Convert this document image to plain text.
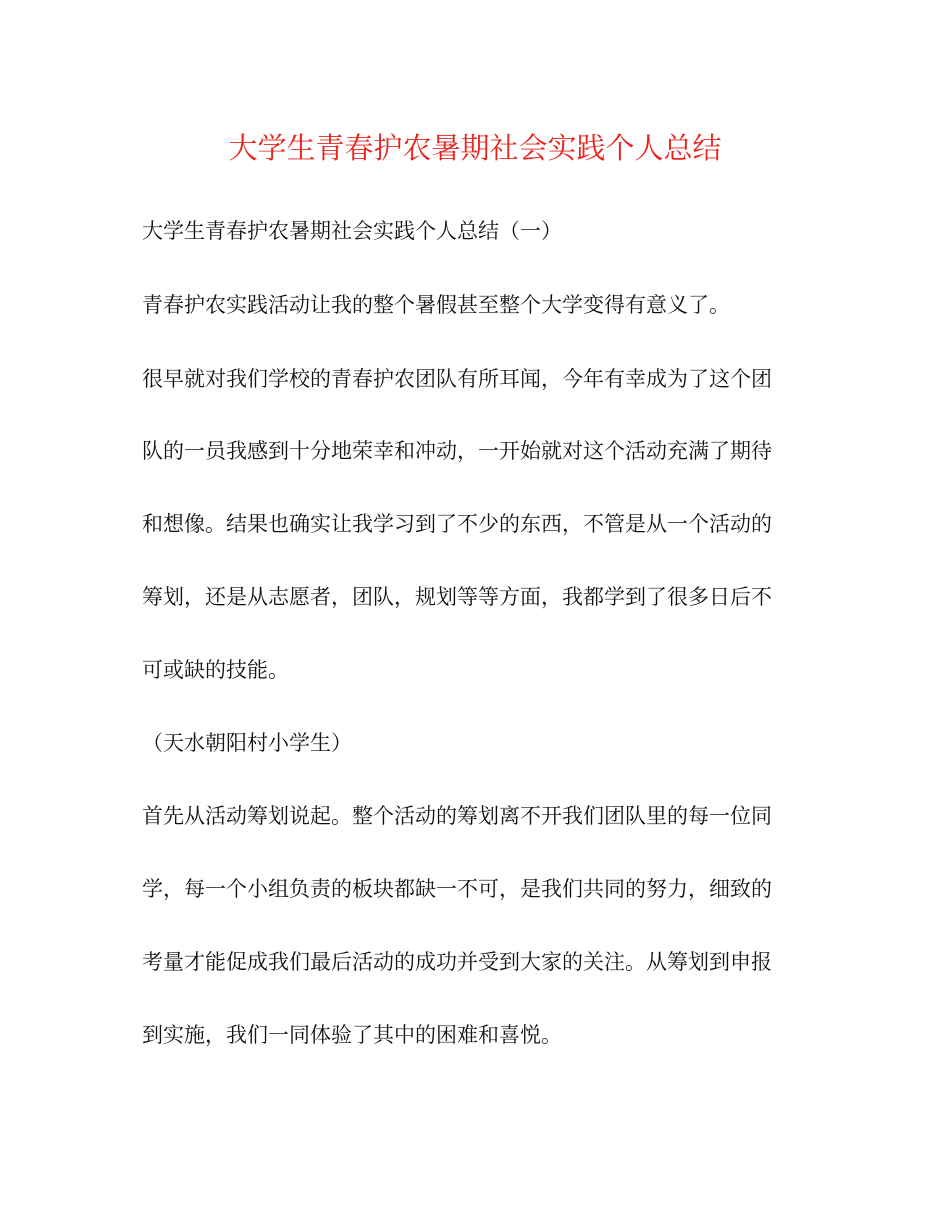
大学生青春护农暑期社会实践个人总结
大学生青春护农暑期社会实践个人总结（一）
青春护农实践活动让我的整个暑假甚至整个大学变得有意义了。
很早就对我们学校的青春护农团队有所耳闻，今年有幸成为了这个团
队的一员我感到十分地荣幸和冲动，一开始就对这个活动充满了期待
和想像。结果也确实让我学习到了不少的东西，不管是从一个活动的
筹划，还是从志愿者，团队，规划等等方面，我都学到了很多日后不
可或缺的技能。
（天水朝阳村小学生）
首先从活动筹划说起。整个活动的筹划离不开我们团队里的每一位同
学，每一个小组负责的板块都缺一不可，是我们共同的努力，细致的
考量才能促成我们最后活动的成功并受到大家的关注。从筹划到申报
到实施，我们一同体验了其中的困难和喜悦。
